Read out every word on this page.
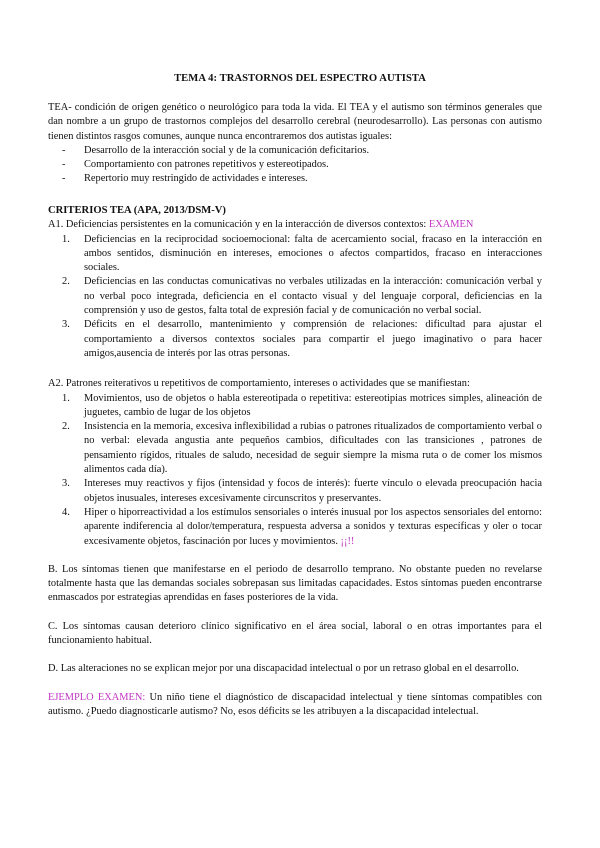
TEMA 4: TRASTORNOS DEL ESPECTRO AUTISTA

TEA- condición de origen genético o neurológico para toda la vida. El TEA y el autismo son términos generales que dan nombre a un grupo de trastornos complejos del desarrollo cerebral (neurodesarrollo). Las personas con autismo tienen distintos rasgos comunes, aunque nunca encontraremos dos autistas iguales:

- Desarrollo de la interacción social y de la comunicación deficitarios.
- Comportamiento con patrones repetitivos y estereotipados.
- Repertorio muy restringido de actividades e intereses.
CRITERIOS TEA (APA, 2013/DSM-V)

A1. Deficiencias persistentes en la comunicación y en la interacción de diversos contextos: EXAMEN

1. Deficiencias en la reciprocidad socioemocional: falta de acercamiento social, fracaso en la interacción en ambos sentidos, disminución en intereses, emociones o afectos compartidos, fracaso en interacciones sociales.
2. Deficiencias en las conductas comunicativas no verbales utilizadas en la interacción: comunicación verbal y no verbal poco integrada, deficiencia en el contacto visual y del lenguaje corporal, deficiencias en la comprensión y uso de gestos, falta total de expresión facial y de comunicación no verbal social.
3. Déficits en el desarrollo, mantenimiento y comprensión de relaciones: dificultad para ajustar el comportamiento a diversos contextos sociales para compartir el juego imaginativo o para hacer amigos,ausencia de interés por las otras personas.

A2. Patrones reiterativos u repetitivos de comportamiento, intereses o actividades que se manifiestan:

1. Movimientos, uso de objetos o habla estereotipada o repetitiva: estereotipias motrices simples, alineación de juguetes, cambio de lugar de los objetos
2. Insistencia en la memoria, excesiva inflexibilidad a rubias o patrones ritualizados de comportamiento verbal o no verbal: elevada angustia ante pequeños cambios, dificultades con las transiciones , patrones de pensamiento rígidos, rituales de saludo, necesidad de seguir siempre la misma ruta o de comer los mismos alimentos cada día).
3. Intereses muy reactivos y fijos (intensidad y focos de interés): fuerte vínculo o elevada preocupación hacia objetos inusuales, intereses excesivamente circunscritos y preservantes.
4. Hiper o hiporreactividad a los estímulos sensoriales o interés inusual por los aspectos sensoriales del entorno: aparente indiferencia al dolor/temperatura, respuesta adversa a sonidos y texturas específicas y oler o tocar excesivamente objetos, fascinación por luces y movimientos. ¡¡!!

B. Los síntomas tienen que manifestarse en el periodo de desarrollo temprano. No obstante pueden no revelarse totalmente hasta que las demandas sociales sobrepasan sus limitadas capacidades. Estos síntomas pueden encontrarse enmascados por estrategias aprendidas en fases posteriores de la vida.

C. Los síntomas causan deterioro clínico significativo en el área social, laboral o en otras importantes para el funcionamiento habitual.

D. Las alteraciones no se explican mejor por una discapacidad intelectual o por un retraso global en el desarrollo.

EJEMPLO EXAMEN: Un niño tiene el diagnóstico de discapacidad intelectual y tiene síntomas compatibles con autismo. ¿Puedo diagnosticarle autismo? No, esos déficits se les atribuyen a la discapacidad intelectual.
